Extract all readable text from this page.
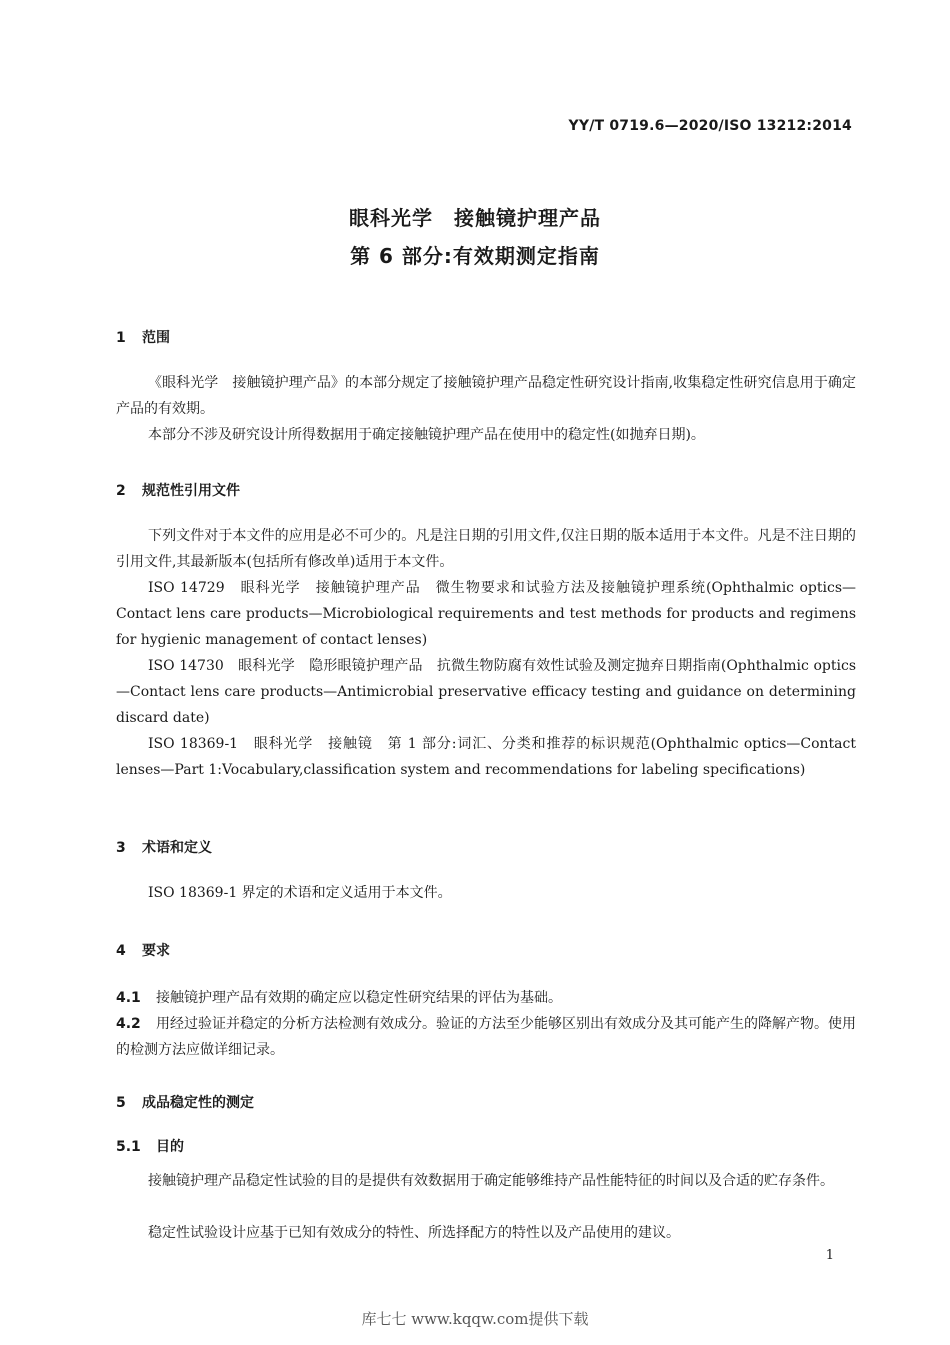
YY/T 0719.6—2020/ISO 13212:2014
眼科光学　接触镜护理产品
第 6 部分:有效期测定指南
1 范围
《眼科光学　接触镜护理产品》的本部分规定了接触镜护理产品稳定性研究设计指南,收集稳定性研究信息用于确定产品的有效期。
本部分不涉及研究设计所得数据用于确定接触镜护理产品在使用中的稳定性(如抛弃日期)。
2 规范性引用文件
下列文件对于本文件的应用是必不可少的。凡是注日期的引用文件,仅注日期的版本适用于本文件。凡是不注日期的引用文件,其最新版本(包括所有修改单)适用于本文件。
ISO 14729　眼科光学　接触镜护理产品　微生物要求和试验方法及接触镜护理系统(Ophthalmic optics—Contact lens care products—Microbiological requirements and test methods for products and regimens for hygienic management of contact lenses)
ISO 14730　眼科光学　隐形眼镜护理产品　抗微生物防腐有效性试验及测定抛弃日期指南(Ophthalmic optics—Contact lens care products—Antimicrobial preservative efficacy testing and guidance on determining discard date)
ISO 18369-1　眼科光学　接触镜　第 1 部分:词汇、分类和推荐的标识规范(Ophthalmic optics—Contact lenses—Part 1:Vocabulary,classification system and recommendations for labeling specifications)
3 术语和定义
ISO 18369-1 界定的术语和定义适用于本文件。
4 要求
4.1 接触镜护理产品有效期的确定应以稳定性研究结果的评估为基础。
4.2 用经过验证并稳定的分析方法检测有效成分。验证的方法至少能够区别出有效成分及其可能产生的降解产物。使用的检测方法应做详细记录。
5 成品稳定性的测定
5.1 目的
接触镜护理产品稳定性试验的目的是提供有效数据用于确定能够维持产品性能特征的时间以及合适的贮存条件。
稳定性试验设计应基于已知有效成分的特性、所选择配方的特性以及产品使用的建议。
1
库七七 www.kqqw.com提供下载
